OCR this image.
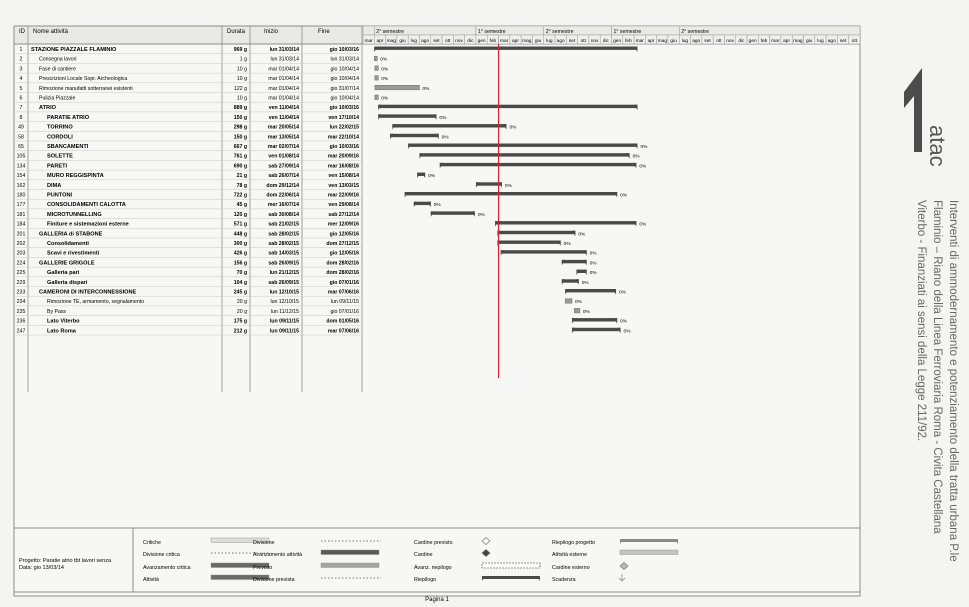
ID Nome attività	Durata	Inizio	Fine	2° semestre	1° semestre	2° semestre	1° semestre	2° semestre
mar apr mag giu lug ago set ott nov dic gen feb mar apr mag giu lug ago set ott nov dic gen feb mar apr mag giu lug ago set ott nov dic gen feb mar apr mag giu lug ago set ott
1 STAZIONE PIAZZALE FLAMINIO	969 g	lun 31/03/14	gio 10/03/16
2	Consegna lavori	1 g	lun 31/03/14	lun 31/03/14
3	Fase di cantiere	10 g	mar 01/04/14	gio 10/04/14
4	Prescrizioni Locale Sopr. Archeologica	10 g	mar 01/04/14	gio 10/04/14
5	Rimozione manufatti sotterranei esistenti	122 g	mar 01/04/14	gio 31/07/14
6	Pulizia Piazzale	10 g	mar 01/04/14	gio 10/04/14
7	ATRIO	889 g	ven 11/04/14	gio 10/03/16
8	PARATIE ATRIO	150 g	ven 11/04/14	ven 17/10/14
49	TORRINO	298 g	mar 20/05/14	lun 22/02/15
58	CORDOLI	150 g	mar 13/05/14	mar 22/10/14
65	SBANCAMENTI	667 g	mar 02/07/14	gio 10/03/16
105	SOLETTE	761 g	ven 01/08/14	mar 20/09/16
134	PARETI	690 g	sab 27/09/14	mar 16/08/16
154	MURO REGGISPINTA	21 g	sab 26/07/14	ven 15/08/14
162	DIMA	78 g	dom 29/12/14	ven 13/03/15
180	PUNTONI	722 g	dom 22/06/14	mar 22/09/16
177	CONSOLIDAMENTI CALOTTA	45 g	mer 16/07/14	ven 29/08/14
181	MICROTUNNELLING	120 g	sab 30/08/14	sab 27/12/14
184	Finiture e sistemazioni esterne	571 g	sab 21/02/15	mer 12/09/16
201 GALLERIA di STABONE	448 g	sab 28/02/15	gio 12/05/16
202	Consolidamenti	300 g	sab 28/02/15	dom 27/12/15
203	Scavi e rivestimenti	426 g	sab 14/03/15	gio 12/05/16
224 GALLERIE GRIGOLE	156 g	sab 26/09/15	dom 28/02/16
225	Galleria pari	70 g	lun 21/12/15	dom 28/02/16
229	Galleria dispari	104 g	sab 26/09/15	gio 07/01/16
233 CAMERONI DI INTERCONNESSIONE	245 g	lun 12/10/15	mar 07/06/16
234	Rimozione TE, armamento, segnalamento	20 g	lun 12/10/15	lun 09/11/15
235	By Pass	20 g	lun 11/12/15	gio 07/01/16
236	Lato Viterbo	175 g	lun 09/11/15	dom 01/05/16
247	Lato Roma	212 g	lun 09/11/15	mar 07/06/16
0%
0%
0%
0%
0%
0%
0%
0%
0%
0%
0%
0%
0%
0%
0%
0%
0%
0%
0%
0%
0%
0%
0%
0%
0%
0%
0%
0%
Progetto: Paratie atrio tbt lavori senza
Data: gio 13/03/14
Critiche
Divisione critica
Avanzamento critica
Attività
Divisione
Avanzamento attività
Previsto
Divisione prevista
Cardine previsto
Cardine
Avanz. riepilogo
Riepilogo
Riepilogo progetto
Attività esterne
Cardine esterno
Scadenza
Pagina 1
1
atac
Interventi di ammodernamento e potenziamento della tratta urbana P.le
Flaminio – Riano della Linea Ferroviaria Roma - Civita Castellana
Viterbo - Finanziati ai sensi della Legge 211/92.
